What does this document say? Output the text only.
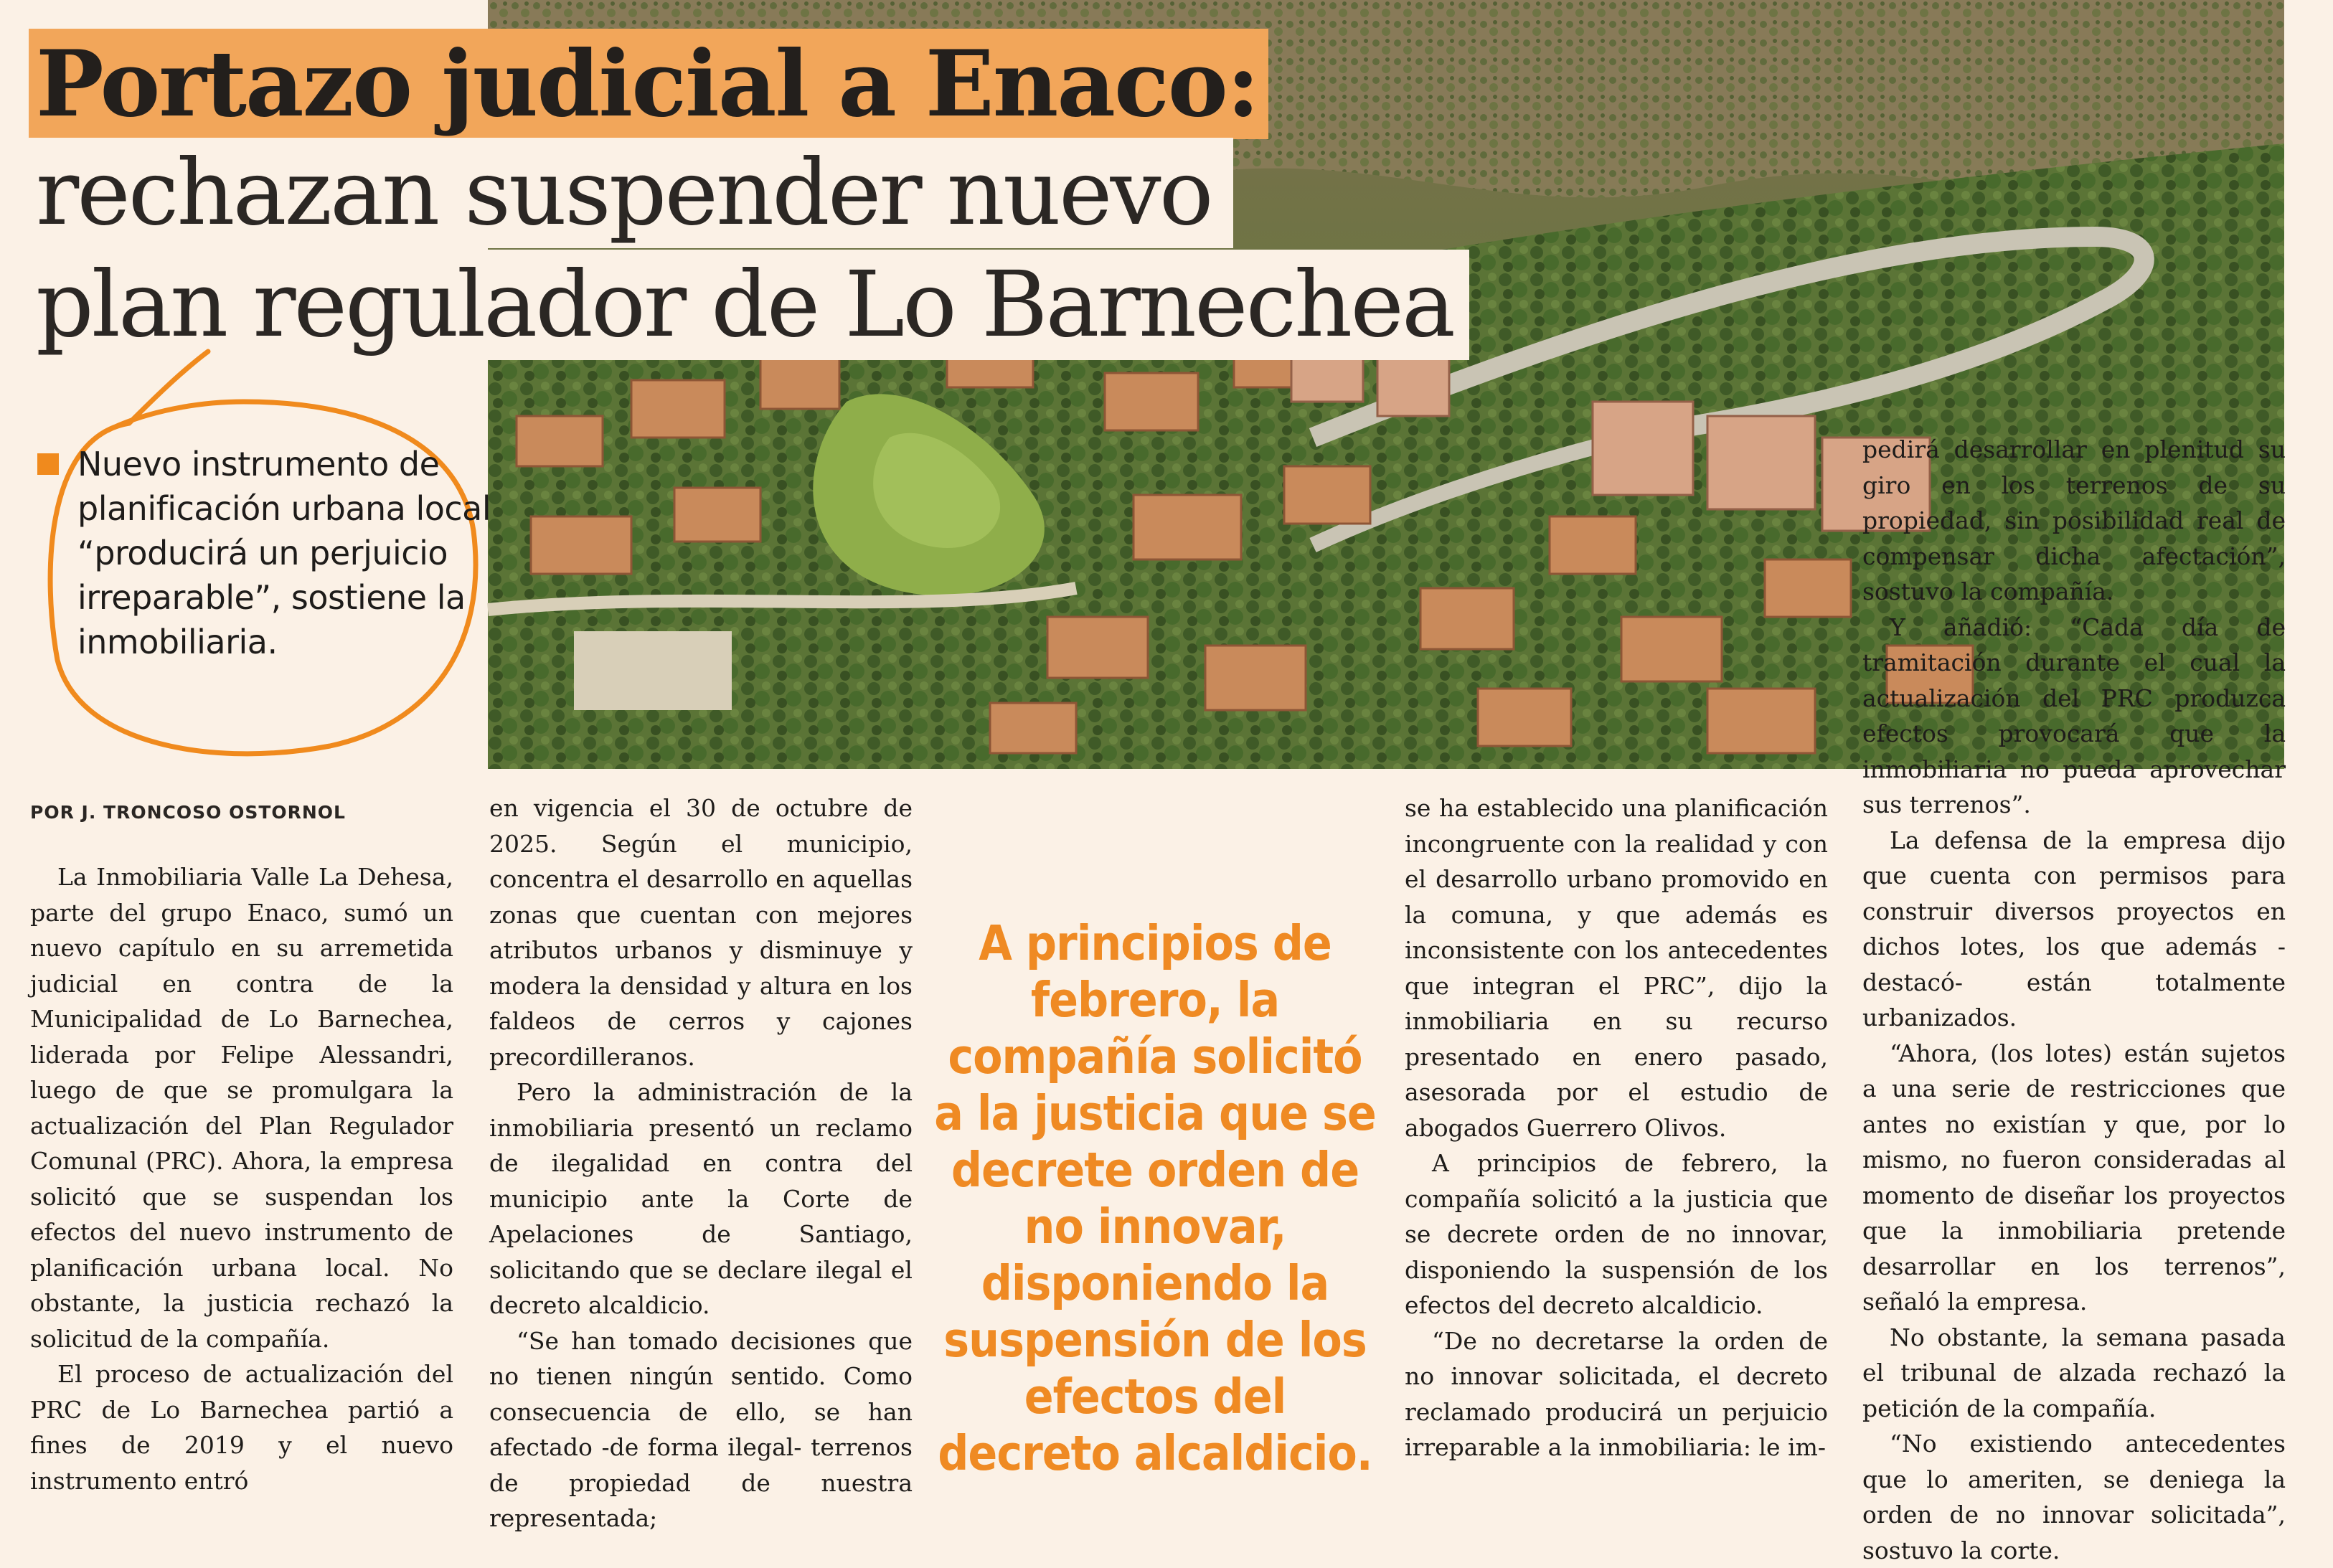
Portazo judicial a Enaco:
rechazan suspender nuevo
plan regulador de Lo Barnechea

Nuevo instrumento de planificación urbana local “producirá un perjuicio irreparable”, sostiene la inmobiliaria.

POR J. TRONCOSO OSTORNOL

La Inmobiliaria Valle La Dehesa, parte del grupo Enaco, sumó un nuevo capítulo en su arremetida judicial en contra de la Municipalidad de Lo Barnechea, liderada por Felipe Alessandri, luego de que se promulgara la actualización del Plan Regulador Comunal (PRC). Ahora, la empresa solicitó que se suspendan los efectos del nuevo instrumento de planificación urbana local. No obstante, la justicia rechazó la solicitud de la compañía.

El proceso de actualización del PRC de Lo Barnechea partió a fines de 2019 y el nuevo instrumento entró

en vigencia el 30 de octubre de 2025. Según el municipio, concentra el desarrollo en aquellas zonas que cuentan con mejores atributos urbanos y disminuye y modera la densidad y altura en los faldeos de cerros y cajones precordilleranos.

Pero la administración de la inmobiliaria presentó un reclamo de ilegalidad en contra del municipio ante la Corte de Apelaciones de Santiago, solicitando que se declare ilegal el decreto alcaldicio.

“Se han tomado decisiones que no tienen ningún sentido. Como consecuencia de ello, se han afectado -de forma ilegal- terrenos de propiedad de nuestra representada;

A principios de febrero, la compañía solicitó a la justicia que se decrete orden de no innovar, disponiendo la suspensión de los efectos del decreto alcaldicio.

se ha establecido una planificación incongruente con la realidad y con el desarrollo urbano promovido en la comuna, y que además es inconsistente con los antecedentes que integran el PRC”, dijo la inmobiliaria en su recurso presentado en enero pasado, asesorada por el estudio de abogados Guerrero Olivos.

A principios de febrero, la compañía solicitó a la justicia que se decrete orden de no innovar, disponiendo la suspensión de los efectos del decreto alcaldicio.

“De no decretarse la orden de no innovar solicitada, el decreto reclamado producirá un perjuicio irreparable a la inmobiliaria: le im-

pedirá desarrollar en plenitud su giro en los terrenos de su propiedad, sin posibilidad real de compensar dicha afectación”, sostuvo la compañía.

Y añadió: “Cada día de tramitación durante el cual la actualización del PRC produzca efectos provocará que la inmobiliaria no pueda aprovechar sus terrenos”.

La defensa de la empresa dijo que cuenta con permisos para construir diversos proyectos en dichos lotes, los que además -destacó- están totalmente urbanizados.

“Ahora, (los lotes) están sujetos a una serie de restricciones que antes no existían y que, por lo mismo, no fueron consideradas al momento de diseñar los proyectos que la inmobiliaria pretende desarrollar en los terrenos”, señaló la empresa.

No obstante, la semana pasada el tribunal de alzada rechazó la petición de la compañía.

“No existiendo antecedentes que lo ameriten, se deniega la orden de no innovar solicitada”, sostuvo la corte.
